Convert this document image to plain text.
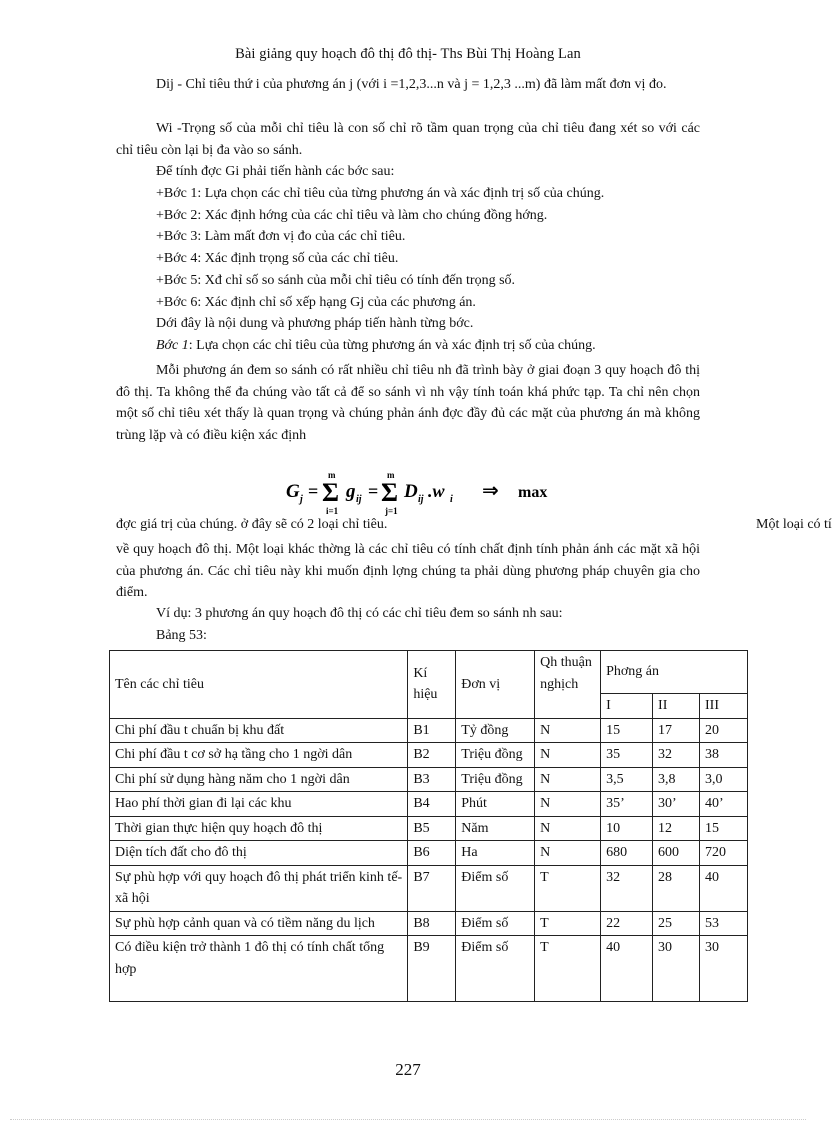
Bài giảng quy hoạch đô thị đô thị- Ths Bùi Thị Hoàng Lan
Dij - Chỉ tiêu thứ i của phương án j (với i =1,2,3...n và j = 1,2,3 ...m) đã làm mất đơn vị đo.
Wi -Trọng số của mỗi chỉ tiêu là con số chỉ rõ tầm quan trọng của chỉ tiêu đang xét so với các chỉ tiêu còn lại bị đa vào so sánh.
Để tính đợc Gi phải tiến hành các bớc sau:
+Bớc 1: Lựa chọn các chỉ tiêu của từng phương án và xác định trị số của chúng.
+Bớc 2: Xác định hớng của các chỉ tiêu và làm cho chúng đồng hớng.
+Bớc 3: Làm mất đơn vị đo của các chỉ tiêu.
+Bớc 4: Xác định trọng số của các chỉ tiêu.
+Bớc 5: Xđ chỉ số so sánh của mỗi chỉ tiêu có tính đến trọng số.
+Bớc 6: Xác định chỉ số xếp hạng Gj của các phương án.
Dới đây là nội dung và phương pháp tiến hành từng bớc.
Bớc 1: Lựa chọn các chỉ tiêu của từng phương án và xác định trị số của chúng.
Mỗi phương án đem so sánh có rất nhiều chỉ tiêu nh đã trình bày ở giai đoạn 3 quy hoạch đô thị đô thị. Ta không thể đa chúng vào tất cả để so sánh vì nh vậy tính toán khá phức tạp. Ta chỉ nên chọn một số chỉ tiêu xét thấy là quan trọng và chúng phản ánh đợc đầy đủ các mặt của phương án mà không trùng lặp và có điều kiện xác định
G j =
m
Σ
i=1
g ij =
m
Σ
j=1
D ij .w i ⇒ max
đợc giá trị của chúng. ở đây sẽ có 2 loại chỉ tiêu.	Một loại có tí
về quy hoạch đô thị. Một loại khác thờng là các chỉ tiêu có tính chất định tính phản ánh các mặt xã hội của phương án. Các chỉ tiêu này khi muốn định lợng chúng ta phải dùng phương pháp chuyên gia cho điểm.
Ví dụ: 3 phương án quy hoạch đô thị có các chỉ tiêu đem so sánh nh sau:
Bảng 53:
Tên các chỉ tiêu	Kí hiệu	Đơn vị	Qh thuận nghịch	Phơng án		
				I	II	III
Chi phí đầu t chuẩn bị khu đất	B1	Tỷ đồng	N	15	17	20
Chi phí đầu t cơ sở hạ tầng cho 1 ngời dân	B2	Triệu đồng	N	35	32	38
Chi phí sử dụng hàng năm cho 1 ngời dân	B3	Triệu đồng	N	3,5	3,8	3,0
Hao phí thời gian đi lại các khu	B4	Phút	N	35’	30’	40’
Thời gian thực hiện quy hoạch đô thị	B5	Năm	N	10	12	15
Diện tích đất cho đô thị	B6	Ha	N	680	600	720
Sự phù hợp với quy hoạch đô thị phát triển kinh tế-xã hội	B7	Điểm số	T	32	28	40
Sự phù hợp cảnh quan và có tiềm năng du lịch	B8	Điểm số	T	22	25	53
Có điều kiện trở thành 1 đô thị có tính chất tổng hợp	B9	Điểm số	T	40	30	30
227
